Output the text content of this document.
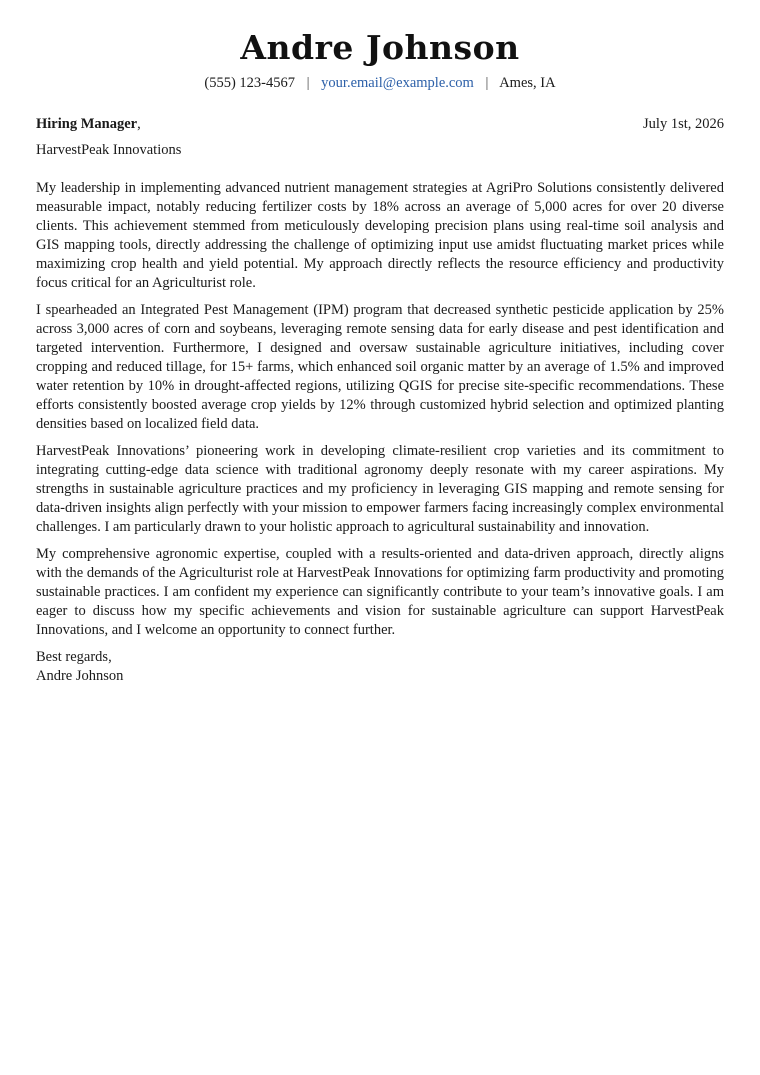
Andre Johnson
(555) 123-4567 | your.email@example.com | Ames, IA
Hiring Manager,	July 1st, 2026
HarvestPeak Innovations

My leadership in implementing advanced nutrient management strategies at AgriPro Solutions consistently delivered measurable impact, notably reducing fertilizer costs by 18% across an average of 5,000 acres for over 20 diverse clients. This achievement stemmed from meticulously developing precision plans using real-time soil analysis and GIS mapping tools, directly addressing the challenge of optimizing input use amidst fluctuating market prices while maximizing crop health and yield potential. My approach directly reflects the resource efficiency and productivity focus critical for an Agriculturist role.

I spearheaded an Integrated Pest Management (IPM) program that decreased synthetic pesticide application by 25% across 3,000 acres of corn and soybeans, leveraging remote sensing data for early disease and pest identification and targeted intervention. Furthermore, I designed and oversaw sustainable agriculture initiatives, including cover cropping and reduced tillage, for 15+ farms, which enhanced soil organic matter by an average of 1.5% and improved water retention by 10% in drought-affected regions, utilizing QGIS for precise site-specific recommendations. These efforts consistently boosted average crop yields by 12% through customized hybrid selection and optimized planting densities based on localized field data.

HarvestPeak Innovations’ pioneering work in developing climate-resilient crop varieties and its commitment to integrating cutting-edge data science with traditional agronomy deeply resonate with my career aspirations. My strengths in sustainable agriculture practices and my proficiency in leveraging GIS mapping and remote sensing for data-driven insights align perfectly with your mission to empower farmers facing increasingly complex environmental challenges. I am particularly drawn to your holistic approach to agricultural sustainability and innovation.

My comprehensive agronomic expertise, coupled with a results-oriented and data-driven approach, directly aligns with the demands of the Agriculturist role at HarvestPeak Innovations for optimizing farm productivity and promoting sustainable practices. I am confident my experience can significantly contribute to your team’s innovative goals. I am eager to discuss how my specific achievements and vision for sustainable agriculture can support HarvestPeak Innovations, and I welcome an opportunity to connect further.

Best regards,
Andre Johnson
